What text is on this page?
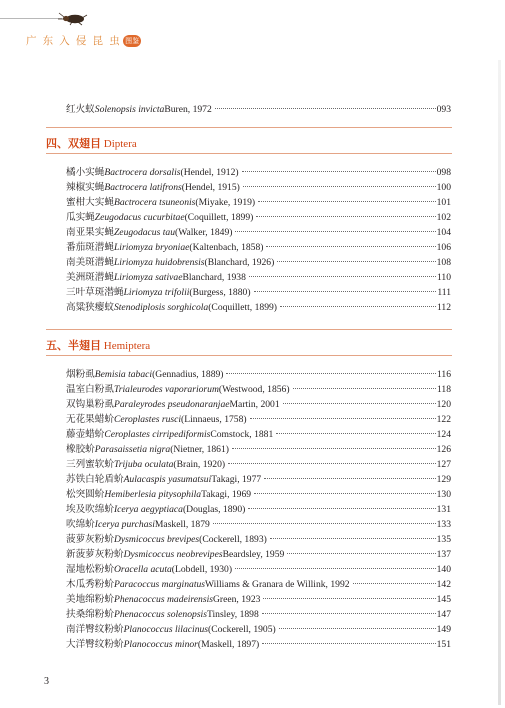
广 东 入 侵 昆 虫 图鉴
红火蚁 Solenopsis invicta Buren, 1972	093
四、双翅目 Diptera
橘小实蝇 Bactrocera dorsalis (Hendel, 1912)	098
辣椒实蝇 Bactrocera latifrons (Hendel, 1915)	100
蜜柑大实蝇 Bactrocera tsuneonis (Miyake, 1919)	101
瓜实蝇 Zeugodacus cucurbitae (Coquillett, 1899)	102
南亚果实蝇 Zeugodacus tau (Walker, 1849)	104
番茄斑潜蝇 Liriomyza bryoniae (Kaltenbach, 1858)	106
南美斑潜蝇 Liriomyza huidobrensis (Blanchard, 1926)	108
美洲斑潜蝇 Liriomyza sativae Blanchard, 1938	110
三叶草斑潜蝇 Liriomyza trifolii (Burgess, 1880)	111
高粱狭瘿蚊 Stenodiplosis sorghicola (Coquillett, 1899)	112
五、半翅目 Hemiptera
烟粉虱 Bemisia tabaci (Gennadius, 1889)	116
温室白粉虱 Trialeurodes vaporariorum (Westwood, 1856)	118
双钩巢粉虱 Paraleyrodes pseudonaranjae Martin, 2001	120
无花果蜡蚧 Ceroplastes rusci (Linnaeus, 1758)	122
藤壶蜡蚧 Ceroplastes cirripediformis Comstock, 1881	124
橡胶蚧 Parasaissetia nigra (Nietner, 1861)	126
三列蜜软蚧 Trijuba oculata (Brain, 1920)	127
苏铁白轮盾蚧 Aulacaspis yasumatsui Takagi, 1977	129
松突圆蚧 Hemiberlesia pitysophila Takagi, 1969	130
埃及吹绵蚧 Icerya aegyptiaca (Douglas, 1890)	131
吹绵蚧 Icerya purchasi Maskell, 1879	133
菠萝灰粉蚧 Dysmicoccus brevipes (Cockerell, 1893)	135
新菠萝灰粉蚧 Dysmicoccus neobrevipes Beardsley, 1959	137
湿地松粉蚧 Oracella acuta (Lobdell, 1930)	140
木瓜秀粉蚧 Paracoccus marginatus Williams & Granara de Willink, 1992	142
美地绵粉蚧 Phenacoccus madeirensis Green, 1923	145
扶桑绵粉蚧 Phenacoccus solenopsis Tinsley, 1898	147
南洋臀纹粉蚧 Planococcus lilacinus (Cockerell, 1905)	149
大洋臀纹粉蚧 Planococcus minor (Maskell, 1897)	151
3
